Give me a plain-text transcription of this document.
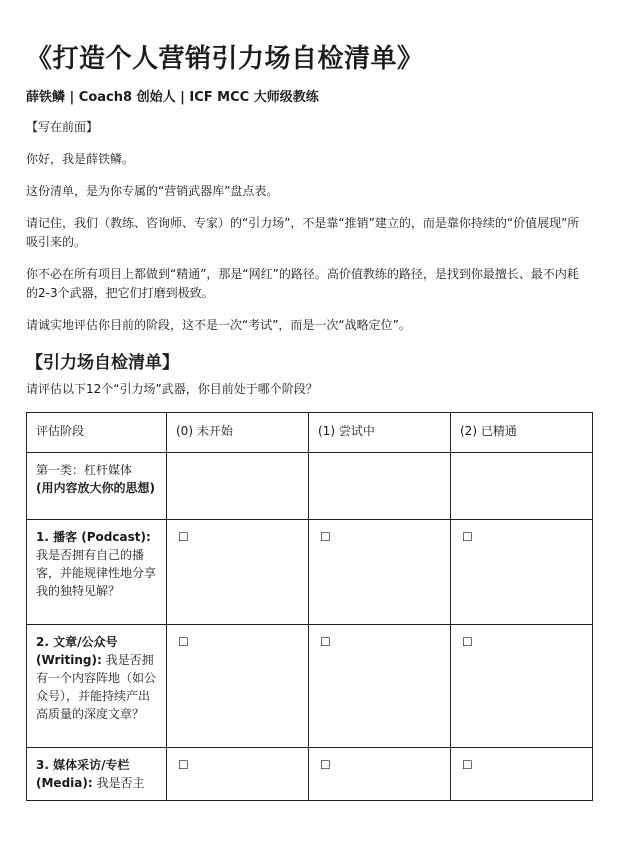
《打造个人营销引力场自检清单》
薛铁鳞 | Coach8 创始人 | ICF MCC 大师级教练
【写在前面】
你好，我是薛铁鳞。
这份清单，是为你专属的“营销武器库”盘点表。
请记住，我们（教练、咨询师、专家）的“引力场”，不是靠“推销”建立的，而是靠你持续的“价值展现”所吸引来的。
你不必在所有项目上都做到“精通”，那是“网红”的路径。高价值教练的路径，是找到你最擅长、最不内耗的2-3个武器，把它们打磨到极致。
请诚实地评估你目前的阶段，这不是一次“考试”，而是一次“战略定位”。
【引力场自检清单】
请评估以下12个“引力场”武器，你目前处于哪个阶段？
评估阶段	(0) 未开始	(1) 尝试中	(2) 已精通
第一类：杠杆媒体
(用内容放大你的思想)			
1. 播客 (Podcast): 我是否拥有自己的播客，并能规律性地分享我的独特见解？	☐	☐	☐
2. 文章/公众号 (Writing): 我是否拥有一个内容阵地（如公众号），并能持续产出高质量的深度文章？	☐	☐	☐
3. 媒体采访/专栏 (Media): 我是否主	☐	☐	☐
